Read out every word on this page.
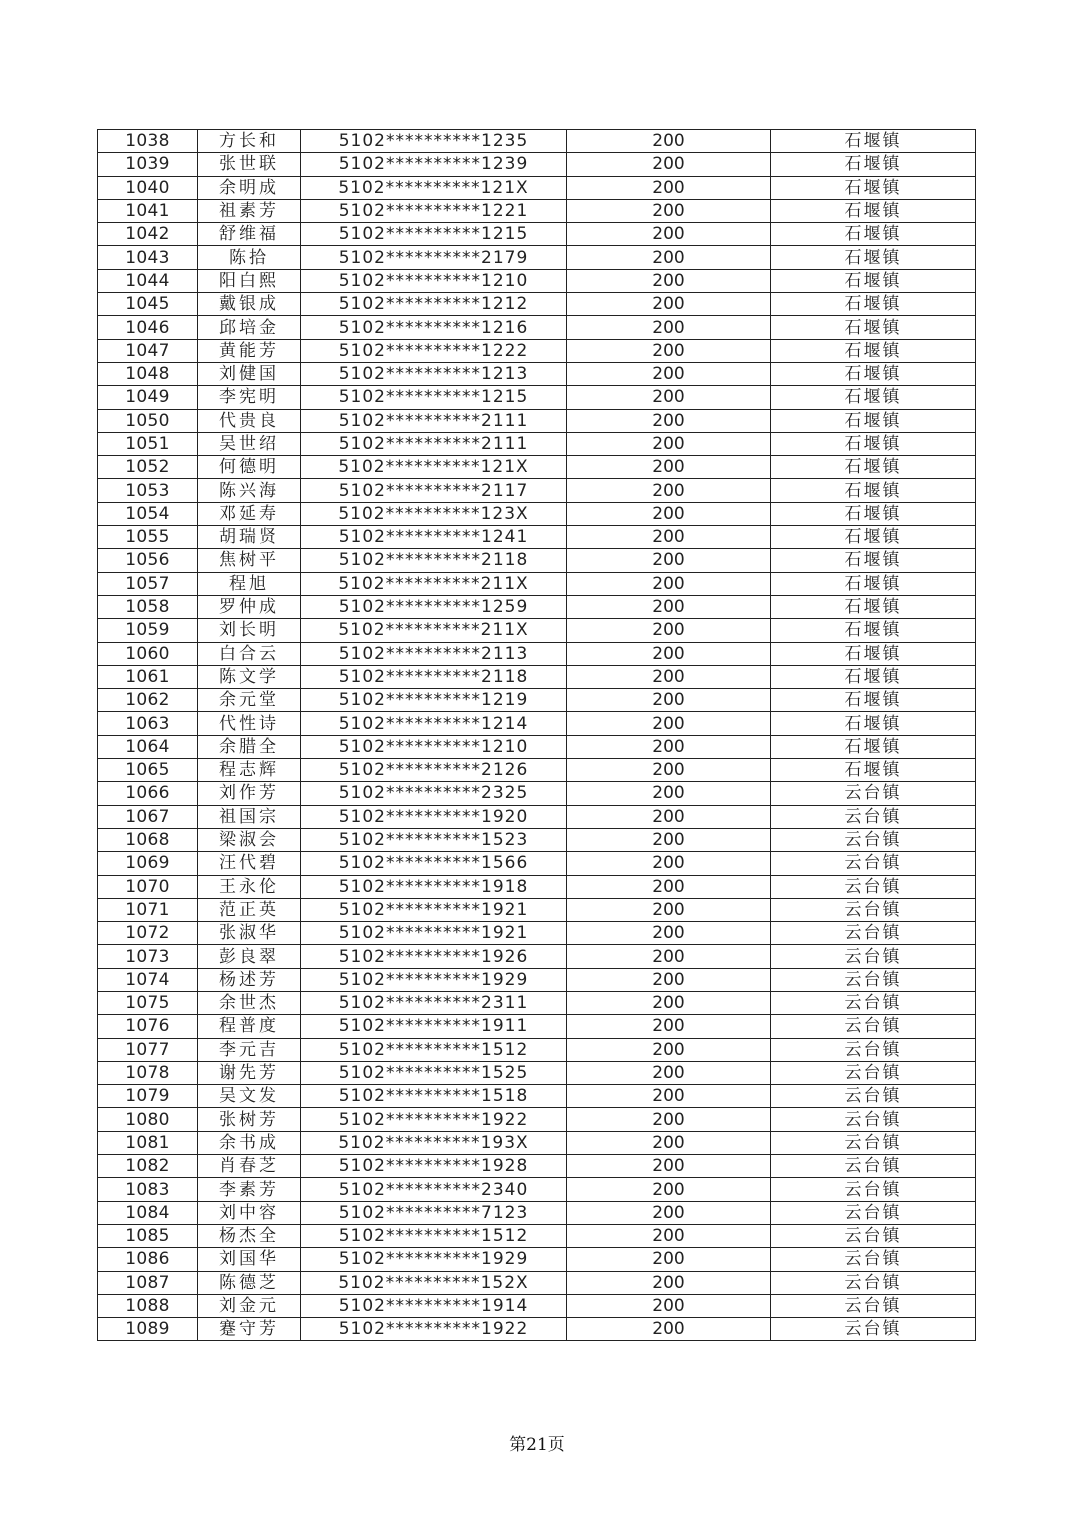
1038	方长和	5102**********1235	200	石堰镇
1039	张世联	5102**********1239	200	石堰镇
1040	余明成	5102**********121X	200	石堰镇
1041	祖素芳	5102**********1221	200	石堰镇
1042	舒维福	5102**********1215	200	石堰镇
1043	陈拾	5102**********2179	200	石堰镇
1044	阳白熙	5102**********1210	200	石堰镇
1045	戴银成	5102**********1212	200	石堰镇
1046	邱培金	5102**********1216	200	石堰镇
1047	黄能芳	5102**********1222	200	石堰镇
1048	刘健国	5102**********1213	200	石堰镇
1049	李宪明	5102**********1215	200	石堰镇
1050	代贵良	5102**********2111	200	石堰镇
1051	吴世绍	5102**********2111	200	石堰镇
1052	何德明	5102**********121X	200	石堰镇
1053	陈兴海	5102**********2117	200	石堰镇
1054	邓延寿	5102**********123X	200	石堰镇
1055	胡瑞贤	5102**********1241	200	石堰镇
1056	焦树平	5102**********2118	200	石堰镇
1057	程旭	5102**********211X	200	石堰镇
1058	罗仲成	5102**********1259	200	石堰镇
1059	刘长明	5102**********211X	200	石堰镇
1060	白合云	5102**********2113	200	石堰镇
1061	陈文学	5102**********2118	200	石堰镇
1062	余元堂	5102**********1219	200	石堰镇
1063	代性诗	5102**********1214	200	石堰镇
1064	余腊全	5102**********1210	200	石堰镇
1065	程志辉	5102**********2126	200	石堰镇
1066	刘作芳	5102**********2325	200	云台镇
1067	祖国宗	5102**********1920	200	云台镇
1068	梁淑会	5102**********1523	200	云台镇
1069	汪代碧	5102**********1566	200	云台镇
1070	王永伦	5102**********1918	200	云台镇
1071	范正英	5102**********1921	200	云台镇
1072	张淑华	5102**********1921	200	云台镇
1073	彭良翠	5102**********1926	200	云台镇
1074	杨述芳	5102**********1929	200	云台镇
1075	余世杰	5102**********2311	200	云台镇
1076	程普度	5102**********1911	200	云台镇
1077	李元吉	5102**********1512	200	云台镇
1078	谢先芳	5102**********1525	200	云台镇
1079	吴文发	5102**********1518	200	云台镇
1080	张树芳	5102**********1922	200	云台镇
1081	余书成	5102**********193X	200	云台镇
1082	肖春芝	5102**********1928	200	云台镇
1083	李素芳	5102**********2340	200	云台镇
1084	刘中容	5102**********7123	200	云台镇
1085	杨杰全	5102**********1512	200	云台镇
1086	刘国华	5102**********1929	200	云台镇
1087	陈德芝	5102**********152X	200	云台镇
1088	刘金元	5102**********1914	200	云台镇
1089	蹇守芳	5102**********1922	200	云台镇
第21页
